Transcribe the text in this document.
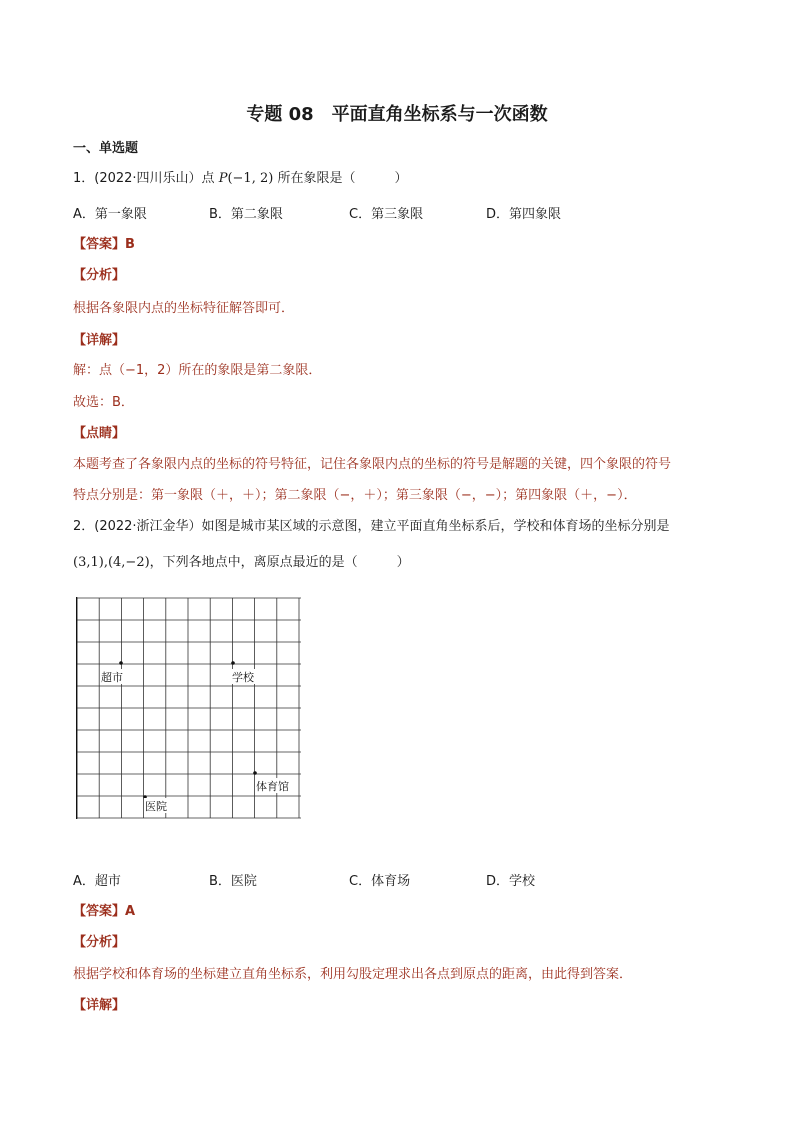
专题 08　平面直角坐标系与一次函数
一、单选题
1．(2022·四川乐山）点 P(−1, 2) 所在象限是（　　　）
A．第一象限	B．第二象限	C．第三象限	D．第四象限
【答案】B
【分析】
根据各象限内点的坐标特征解答即可．
【详解】
解：点（−1，2）所在的象限是第二象限．
故选：B．
【点睛】
本题考查了各象限内点的坐标的符号特征，记住各象限内点的坐标的符号是解题的关键，四个象限的符号
特点分别是：第一象限（＋，＋）；第二象限（−，＋）；第三象限（−，−）；第四象限（＋，−）．
2．(2022·浙江金华）如图是城市某区域的示意图，建立平面直角坐标系后，学校和体育场的坐标分别是
(3,1),(4,−2)，下列各地点中，离原点最近的是（　　　）
超市	学校
体育馆
医院
A．超市	B．医院	C．体育场	D．学校
【答案】A
【分析】
根据学校和体育场的坐标建立直角坐标系，利用勾股定理求出各点到原点的距离，由此得到答案．
【详解】
